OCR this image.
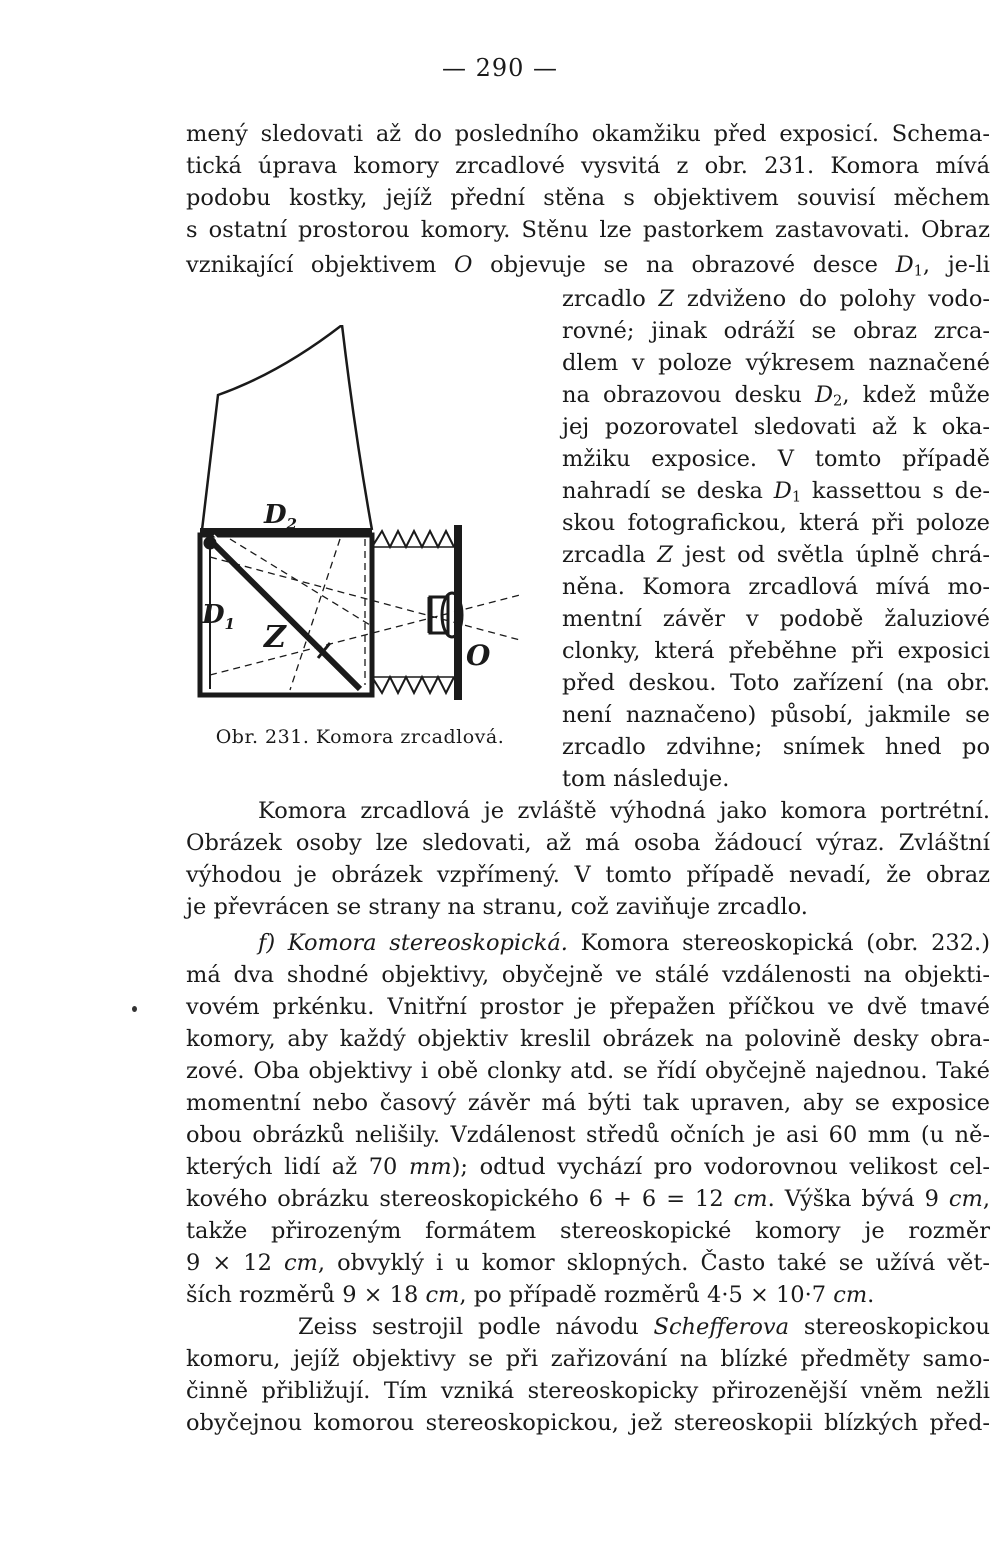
— 290 —
mený sledovati až do posledního okamžiku před exposicí. Schema-
tická úprava komory zrcadlové vysvitá z obr. 231. Komora mívá
podobu kostky, jejíž přední stěna s objektivem souvisí měchem
s ostatní prostorou komory. Stěnu lze pastorkem zastavovati. Obraz
vznikající objektivem O objevuje se na obrazové desce $D_1$, je-li
zrcadlo Z zdviženo do polohy vodo-
rovné; jinak odráží se obraz zrca-
dlem v poloze výkresem naznačené
na obrazovou desku $D_2$, kdež může
jej pozorovatel sledovati až k oka-
mžiku exposice. V tomto případě
nahradí se deska $D_1$ kassettou s de-
skou fotografickou, která při poloze
zrcadla Z jest od světla úplně chrá-
něna. Komora zrcadlová mívá mo-
mentní závěr v podobě žaluziové
clonky, která přeběhne při exposici
před deskou. Toto zařízení (na obr.
není naznačeno) působí, jakmile se
zrcadlo zdvihne; snímek hned po
tom následuje.
$D_2$
$D_1$ Z
O
Obr. 231. Komora zrcadlová.
Komora zrcadlová je zvláště výhodná jako komora portrétní.
Obrázek osoby lze sledovati, až má osoba žádoucí výraz. Zvláštní
výhodou je obrázek vzpřímený. V tomto případě nevadí, že obraz
je převrácen se strany na stranu, což zaviňuje zrcadlo.
f) Komora stereoskopická. Komora stereoskopická (obr. 232.)
má dva shodné objektivy, obyčejně ve stálé vzdálenosti na objekti-
vovém prkénku. Vnitřní prostor je přepažen příčkou ve dvě tmavé
komory, aby každý objektiv kreslil obrázek na polovině desky obra-
zové. Oba objektivy i obě clonky atd. se řídí obyčejně najednou. Také
momentní nebo časový závěr má býti tak upraven, aby se exposice
obou obrázků nelišily. Vzdálenost středů očních je asi 60 mm (u ně-
kterých lidí až 70 mm); odtud vychází pro vodorovnou velikost cel-
kového obrázku stereoskopického 6 + 6 = 12 cm. Výška bývá 9 cm,
takže přirozeným formátem stereoskopické komory je rozměr
9 × 12 cm, obvyklý i u komor sklopných. Často také se užívá vět-
ších rozměrů 9 × 18 cm, po případě rozměrů 4·5 × 10·7 cm.
Zeiss sestrojil podle návodu Schefferova stereoskopickou
komoru, jejíž objektivy se při zařizování na blízké předměty samo-
činně přibližují. Tím vzniká stereoskopicky přirozenější vněm nežli
obyčejnou komorou stereoskopickou, jež stereoskopii blízkých před-
